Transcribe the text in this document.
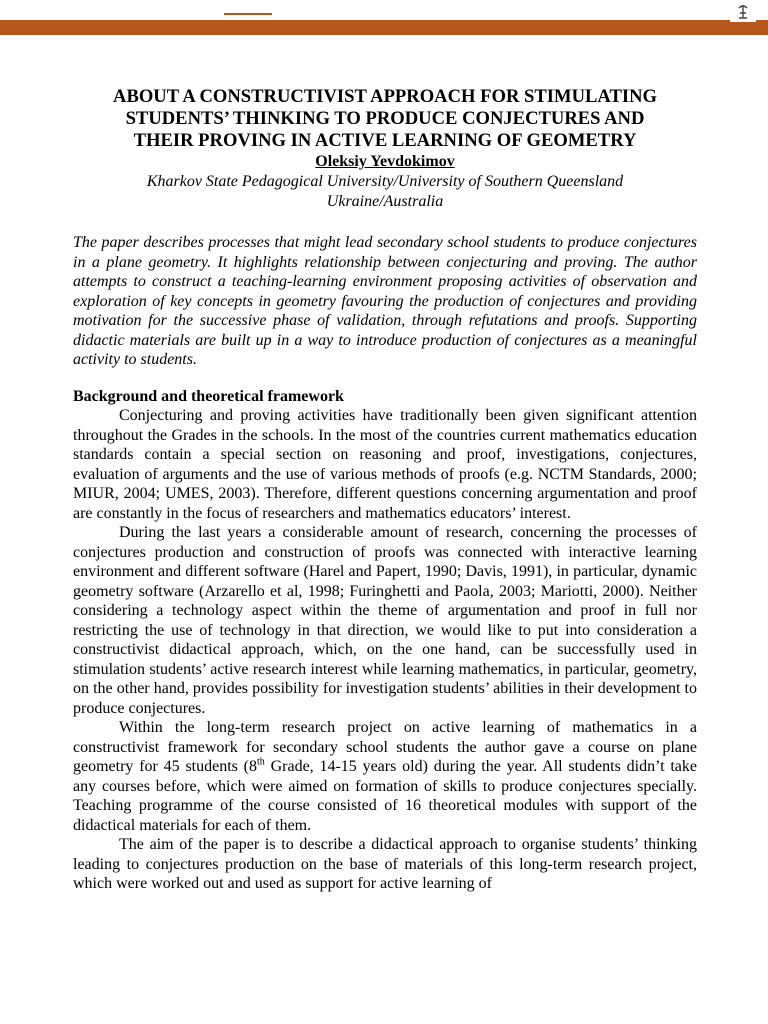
ABOUT A CONSTRUCTIVIST APPROACH FOR STIMULATING
STUDENTS’ THINKING TO PRODUCE CONJECTURES AND
THEIR PROVING IN ACTIVE LEARNING OF GEOMETRY

Oleksiy Yevdokimov

Kharkov State Pedagogical University/University of Southern Queensland
Ukraine/Australia

The paper describes processes that might lead secondary school students to produce conjectures in a plane geometry. It highlights relationship between conjecturing and proving. The author attempts to construct a teaching-learning environment proposing activities of observation and exploration of key concepts in geometry favouring the production of conjectures and providing motivation for the successive phase of validation, through refutations and proofs. Supporting didactic materials are built up in a way to introduce production of conjectures as a meaningful activity to students.

Background and theoretical framework

Conjecturing and proving activities have traditionally been given significant attention throughout the Grades in the schools. In the most of the countries current mathematics education standards contain a special section on reasoning and proof, investigations, conjectures, evaluation of arguments and the use of various methods of proofs (e.g. NCTM Standards, 2000; MIUR, 2004; UMES, 2003). Therefore, different questions concerning argumentation and proof are constantly in the focus of researchers and mathematics educators’ interest.

During the last years a considerable amount of research, concerning the processes of conjectures production and construction of proofs was connected with interactive learning environment and different software (Harel and Papert, 1990; Davis, 1991), in particular, dynamic geometry software (Arzarello et al, 1998; Furinghetti and Paola, 2003; Mariotti, 2000). Neither considering a technology aspect within the theme of argumentation and proof in full nor restricting the use of technology in that direction, we would like to put into consideration a constructivist didactical approach, which, on the one hand, can be successfully used in stimulation students’ active research interest while learning mathematics, in particular, geometry, on the other hand, provides possibility for investigation students’ abilities in their development to produce conjectures.

Within the long-term research project on active learning of mathematics in a constructivist framework for secondary school students the author gave a course on plane geometry for 45 students (8th Grade, 14-15 years old) during the year. All students didn’t take any courses before, which were aimed on formation of skills to produce conjectures specially. Teaching programme of the course consisted of 16 theoretical modules with support of the didactical materials for each of them.

The aim of the paper is to describe a didactical approach to organise students’ thinking leading to conjectures production on the base of materials of this long-term research project, which were worked out and used as support for active learning of
